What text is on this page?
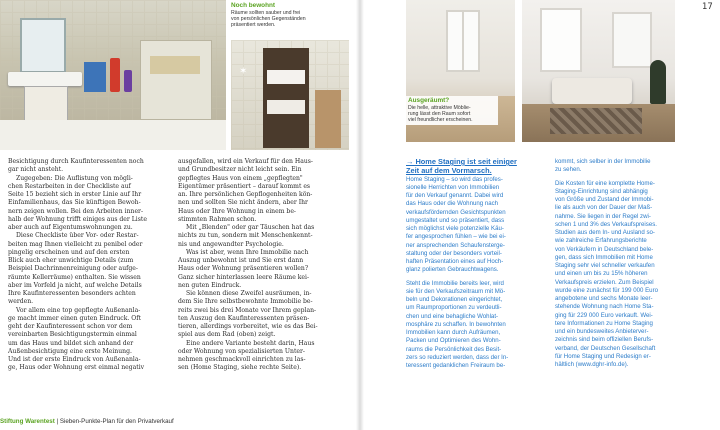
17
Noch bewohnt
Räume sollten sauber und frei
von persönlichen Gegenständen
präsentiert werden.
✶
Ausgeräumt?
Die helle, attraktive Möblie-
rung lässt den Raum sofort
viel freundlicher erscheinen.

Besichtigung durch Kaufinteressenten noch
gar nicht ansteht.

Zugegeben: Die Auflistung von mögli-
chen Restarbeiten in der Checkliste auf
Seite 15 bezieht sich in erster Linie auf Ihr
Einfamilienhaus, das Sie künftigen Bewoh-
nern zeigen wollen. Bei den Arbeiten inner-
halb der Wohnung trifft einiges aus der Liste
aber auch auf Eigentumswohnungen zu.

Diese Checkliste über Vor- oder Restar-
beiten mag Ihnen vielleicht zu penibel oder
pingelig erscheinen und auf den ersten
Blick auch eher unwichtige Details (zum
Beispiel Dachrinnenreinigung oder aufge-
räumte Kellerräume) enthalten. Sie wissen
aber im Vorfeld ja nicht, auf welche Details
Ihre Kaufinteressenten besonders achten
werden.

Vor allem eine top gepflegte Außenanla-
ge macht immer einen guten Eindruck. Oft
geht der Kaufinteressent schon vor dem
vereinbarten Besichtigungstermin einmal
um das Haus und bildet sich anhand der
Außenbesichtigung eine erste Meinung.
Und ist der erste Eindruck von Außenanla-
ge, Haus oder Wohnung erst einmal negativ

ausgefallen, wird ein Verkauf für den Haus-
und Grundbesitzer nicht leicht sein. Ein
gepflegtes Haus von einem „gepflegten"
Eigentümer präsentiert – darauf kommt es
an. Ihre persönlichen Gepflogenheiten kön-
nen und sollten Sie nicht ändern, aber Ihr
Haus oder Ihre Wohnung in einem be-
stimmten Rahmen schon.

Mit „Blenden" oder gar Täuschen hat das
nichts zu tun, sondern mit Menschenkennt-
nis und angewandter Psychologie.

Was ist aber, wenn Ihre Immobilie nach
Auszug unbewohnt ist und Sie erst dann
Haus oder Wohnung präsentieren wollen?
Ganz sicher hinterlassen leere Räume kei-
nen guten Eindruck.

Sie können diese Zweifel ausräumen, in-
dem Sie Ihre selbstbewohnte Immobilie be-
reits zwei bis drei Monate vor Ihrem geplan-
ten Auszug den Kaufinteressenten präsen-
tieren, allerdings vorbereitet, wie es das Bei-
spiel aus dem Rad (oben) zeigt.

Eine andere Variante besteht darin, Haus
oder Wohnung von spezialisierten Unter-
nehmen geschmackvoll einrichten zu las-
sen (Home Staging, siehe rechte Seite).

→ Home Staging ist seit einiger
Zeit auf dem Vormarsch.

Home Staging – so wird das profes-
sionelle Herrichten von Immobilien
für den Verkauf genannt. Dabei wird
das Haus oder die Wohnung nach
verkaufsfördernden Gesichtspunkten
umgestaltet und so präsentiert, dass
sich möglichst viele potenzielle Käu-
fer angesprochen fühlen – wie bei ei-
ner ansprechenden Schaufenstergе-
staltung oder der besonders vorteil-
haften Präsentation eines auf Hoch-
glanz polierten Gebrauchtwagens.

Steht die Immobilie bereits leer, wird
sie für den Verkaufszeitraum mit Mö-
beln und Dekorationen eingerichtet,
um Raumproportionen zu verdeutli-
chen und eine behagliche Wohlat-
mosphäre zu schaffen. In bewohnten
Immobilien kann durch Aufräumen,
Packen und Optimieren des Wohn-
raums die Persönlichkeit des Besit-
zers so reduziert werden, dass der In-
teressent gedanklichen Freiraum be-

kommt, sich selber in der Immobilie
zu sehen.

Die Kosten für eine komplette Home-
Staging-Einrichtung sind abhängig
von Größe und Zustand der Immobi-
lie als auch von der Dauer der Maß-
nahme. Sie liegen in der Regel zwi-
schen 1 und 3% des Verkaufspreises.
Studien aus dem In- und Ausland so-
wie zahlreiche Erfahrungsberichte
von Verkäufern in Deutschland bele-
gen, dass sich Immobilien mit Home
Staging sehr viel schneller verkaufen
und einen um bis zu 15% höheren
Verkaufspreis erzielen. Zum Beispiel
wurde eine zunächst für 199 000 Euro
angebotene und sechs Monate leer-
stehende Wohnung nach Home Sta-
ging für 229 000 Euro verkauft. Wei-
tere Informationen zu Home Staging
und ein bundesweites Anbieterver-
zeichnis sind beim offiziellen Berufs-
verband, der Deutschen Gesellschaft
für Home Staging und Redesign er-
hältlich (www.dghr-info.de).

Stiftung Warentest | Sieben-Punkte-Plan für den Privatverkauf
